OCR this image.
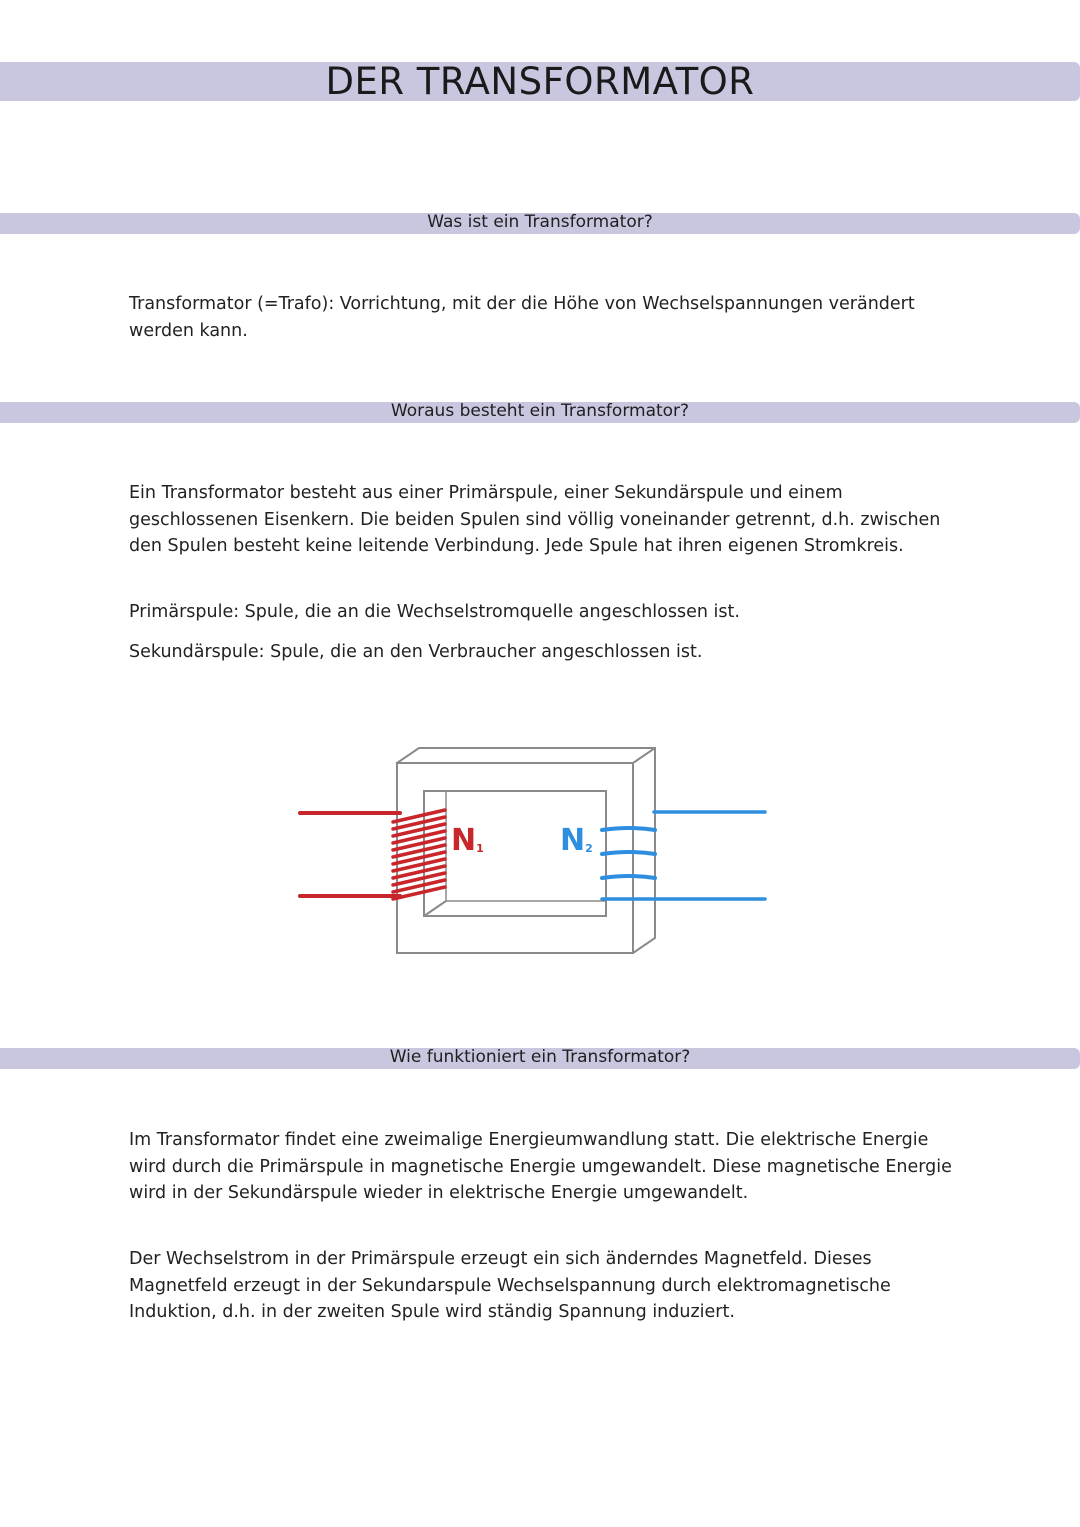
DER TRANSFORMATOR
Was ist ein Transformator?

Transformator (=Trafo): Vorrichtung, mit der die Höhe von Wechselspannungen verändert werden kann.

Woraus besteht ein Transformator?

Ein Transformator besteht aus einer Primärspule, einer Sekundärspule und einem geschlossenen Eisenkern. Die beiden Spulen sind völlig voneinander getrennt, d.h. zwischen den Spulen besteht keine leitende Verbindung. Jede Spule hat ihren eigenen Stromkreis.

Primärspule: Spule, die an die Wechselstromquelle angeschlossen ist.

Sekundärspule: Spule, die an den Verbraucher angeschlossen ist.

N1	N2
Wie funktioniert ein Transformator?

Im Transformator findet eine zweimalige Energieumwandlung statt. Die elektrische Energie wird durch die Primärspule in magnetische Energie umgewandelt. Diese magnetische Energie wird in der Sekundärspule wieder in elektrische Energie umgewandelt.

Der Wechselstrom in der Primärspule erzeugt ein sich änderndes Magnetfeld. Dieses Magnetfeld erzeugt in der Sekundarspule Wechselspannung durch elektromagnetische Induktion, d.h. in der zweiten Spule wird ständig Spannung induziert.
